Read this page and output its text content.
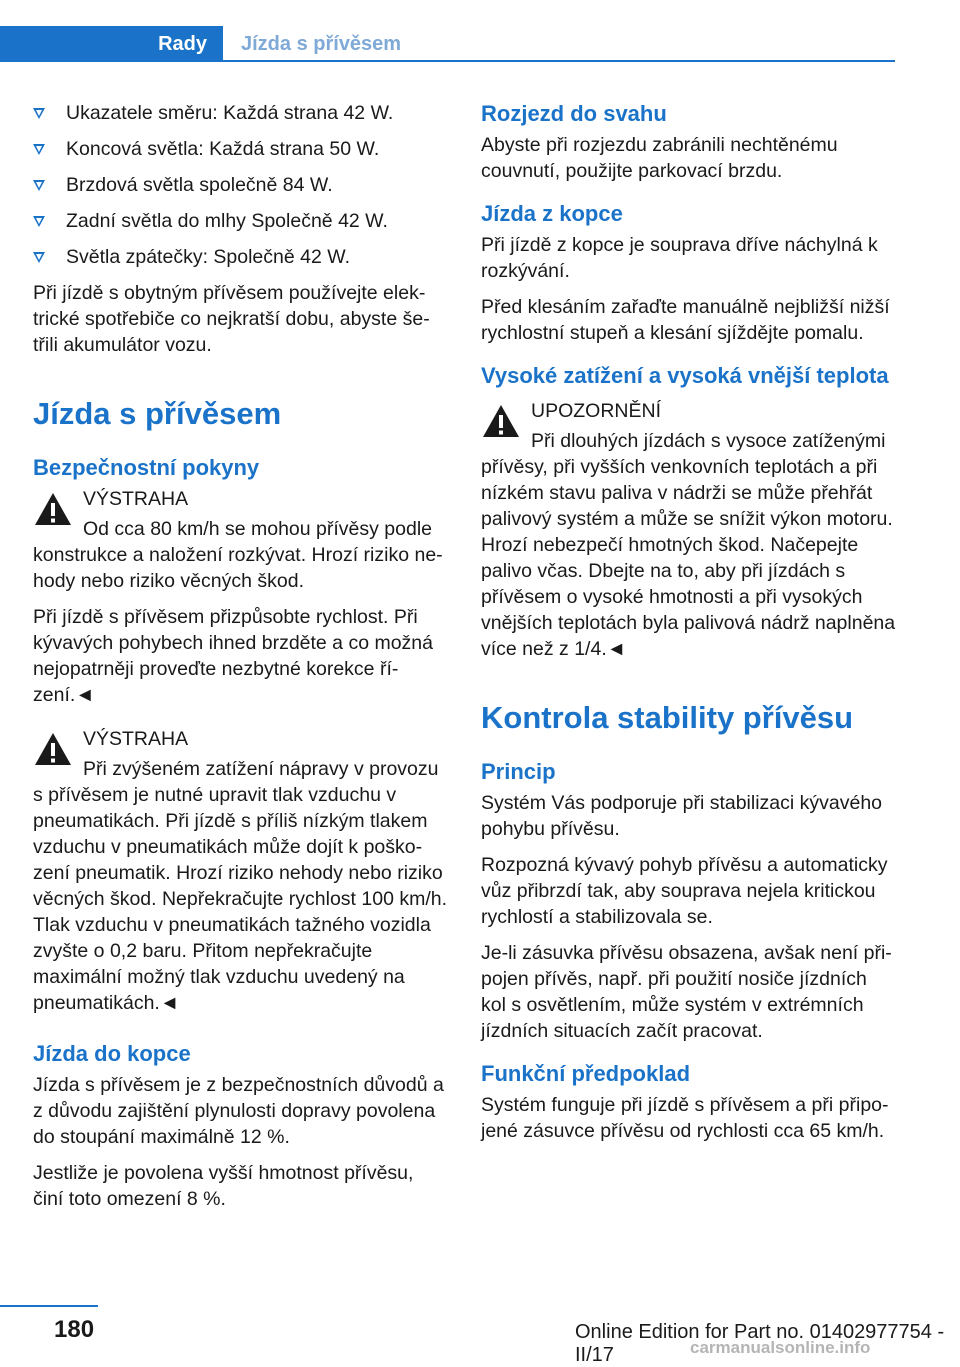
Rady Jízda s přívěsem
Ukazatele směru: Každá strana 42 W.
Koncová světla: Každá strana 50 W.
Brzdová světla společně 84 W.
Zadní světla do mlhy Společně 42 W.
Světla zpátečky: Společně 42 W.

Při jízdě s obytným přívěsem používejte elektrické spotřebiče co nejkratší dobu, abyste šetřili akumulátor vozu.

Jízda s přívěsem
Bezpečnostní pokyny
VÝSTRAHA

Od cca 80 km/h se mohou přívěsy podle konstrukce a naložení rozkývat. Hrozí riziko nehody nebo riziko věcných škod.

Při jízdě s přívěsem přizpůsobte rychlost. Při kývavých pohybech ihned brzděte a co možná nejopatrněji proveďte nezbytné korekce řízení.◄

VÝSTRAHA

Při zvýšeném zatížení nápravy v provozu s přívěsem je nutné upravit tlak vzduchu v pneumatikách. Při jízdě s příliš nízkým tlakem vzduchu v pneumatikách může dojít k poškození pneumatik. Hrozí riziko nehody nebo riziko věcných škod. Nepřekračujte rychlost 100 km/h. Tlak vzduchu v pneumatikách tažného vozidla zvyšte o 0,2 baru. Přitom nepřekračujte maximální možný tlak vzduchu uvedený na pneumatikách.◄

Jízda do kopce

Jízda s přívěsem je z bezpečnostních důvodů a z důvodu zajištění plynulosti dopravy povolena do stoupání maximálně 12 %.

Jestliže je povolena vyšší hmotnost přívěsu, činí toto omezení 8 %.

Rozjezd do svahu

Abyste při rozjezdu zabránili nechtěnému couvnutí, použijte parkovací brzdu.

Jízda z kopce

Při jízdě z kopce je souprava dříve náchylná k rozkývání.

Před klesáním zařaďte manuálně nejbližší nižší rychlostní stupeň a klesání sjíždějte pomalu.

Vysoké zatížení a vysoká vnější teplota
UPOZORNĚNÍ

Při dlouhých jízdách s vysoce zatíženými přívěsy, při vyšších venkovních teplotách a při nízkém stavu paliva v nádrži se může přehřát palivový systém a může se snížit výkon motoru. Hrozí nebezpečí hmotných škod. Načepejte palivo včas. Dbejte na to, aby při jízdách s přívěsem o vysoké hmotnosti a při vysokých vnějších teplotách byla palivová nádrž naplněna více než z 1/4.◄

Kontrola stability přívěsu
Princip

Systém Vás podporuje při stabilizaci kývavého pohybu přívěsu.

Rozpozná kývavý pohyb přívěsu a automaticky vůz přibrzdí tak, aby souprava nejela kritickou rychlostí a stabilizovala se.

Je-li zásuvka přívěsu obsazena, avšak není připojen přívěs, např. při použití nosiče jízdních kol s osvětlením, může systém v extrémních jízdních situacích začít pracovat.

Funkční předpoklad

Systém funguje při jízdě s přívěsem a při připojené zásuvce přívěsu od rychlosti cca 65 km/h.

180	Online Edition for Part no. 01402977754 - II/17	carmanualsonline.info
